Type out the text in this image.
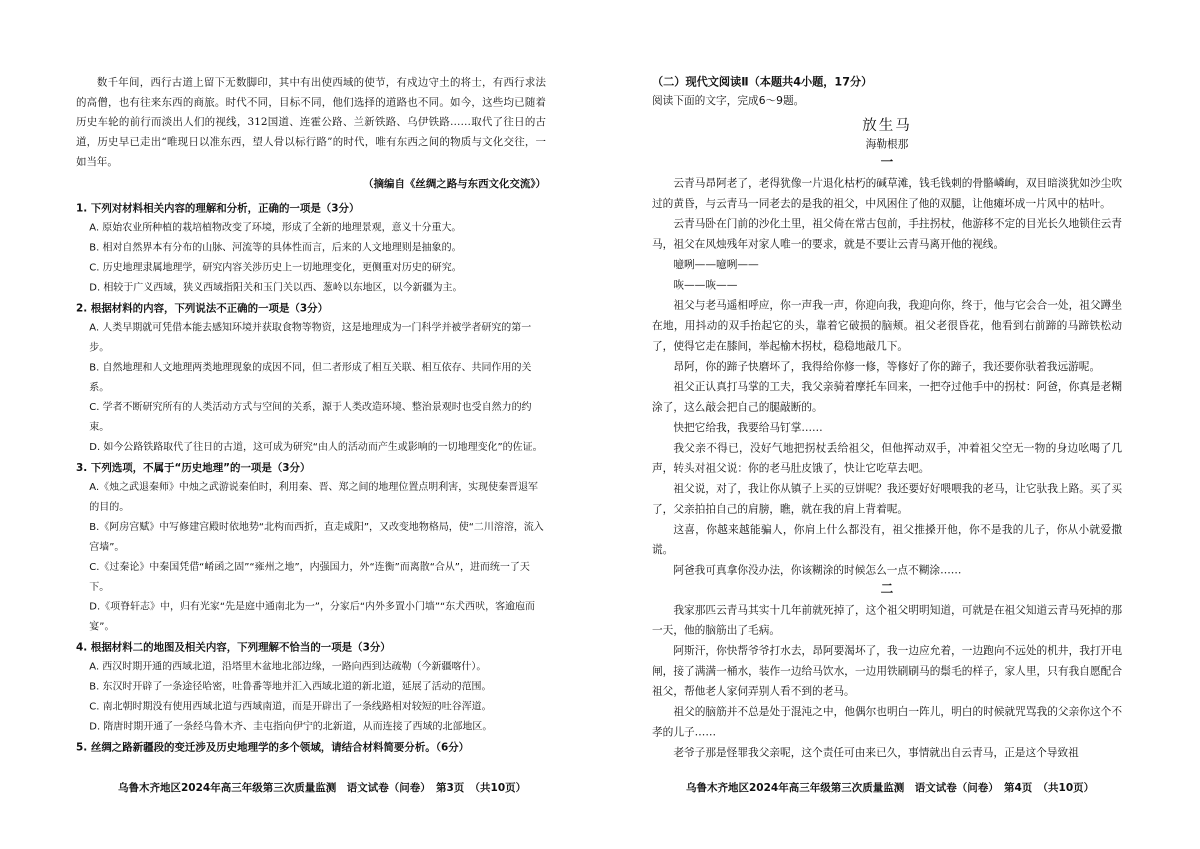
数千年间，西行古道上留下无数脚印，其中有出使西域的使节，有戍边守土的将士，有西行求法的高僧，也有往来东西的商旅。时代不同，目标不同，他们选择的道路也不同。如今，这些均已随着历史车轮的前行而淡出人们的视线，312国道、连霍公路、兰新铁路、乌伊铁路……取代了往日的古道，历史早已走出“唯现日以准东西，望人骨以标行路”的时代，唯有东西之间的物质与文化交往，一如当年。

（摘编自《丝绸之路与东西文化交流》）

1. 下列对材料相关内容的理解和分析，正确的一项是（3分）

A. 原始农业所种植的栽培植物改变了环境，形成了全新的地理景观，意义十分重大。

B. 相对自然界本有分布的山脉、河流等的具体性而言，后来的人文地理则是抽象的。

C. 历史地理隶属地理学，研究内容关涉历史上一切地理变化，更侧重对历史的研究。

D. 相较于广义西域，狭义西域指阳关和玉门关以西、葱岭以东地区，以今新疆为主。

2. 根据材料的内容，下列说法不正确的一项是（3分）

A. 人类早期就可凭借本能去感知环境并获取食物等物资，这是地理成为一门科学并被学者研究的第一步。

B. 自然地理和人文地理两类地理现象的成因不同，但二者形成了相互关联、相互依存、共同作用的关系。

C. 学者不断研究所有的人类活动方式与空间的关系，源于人类改造环境、整治景观时也受自然力的约束。

D. 如今公路铁路取代了往日的古道，这可成为研究“由人的活动而产生或影响的一切地理变化”的佐证。

3. 下列选项，不属于“历史地理”的一项是（3分）

A.《烛之武退秦师》中烛之武游说秦伯时，利用秦、晋、郑之间的地理位置点明利害，实现使秦晋退军的目的。

B.《阿房宫赋》中写修建宫殿时依地势“北构而西折，直走咸阳”，又改变地物格局，使“二川溶溶，流入宫墙”。

C.《过秦论》中秦国凭借“崤函之固”“雍州之地”，内强国力，外“连衡”而离散“合从”，进而统一了天下。

D.《项脊轩志》中，归有光家“先是庭中通南北为一”，分家后“内外多置小门墙”“东犬西吠，客逾庖而宴”。

4. 根据材料二的地图及相关内容，下列理解不恰当的一项是（3分）

A. 西汉时期开通的西域北道，沿塔里木盆地北部边缘，一路向西到达疏勒（今新疆喀什）。

B. 东汉时开辟了一条途径哈密，吐鲁番等地并汇入西域北道的新北道，延展了活动的范围。

C. 南北朝时期没有使用西域北道与西域南道，而是开辟出了一条线路相对较短的吐谷浑道。

D. 隋唐时期开通了一条经乌鲁木齐、圭屯指向伊宁的北新道，从而连接了西域的北部地区。

5. 丝绸之路新疆段的变迁涉及历史地理学的多个领域，请结合材料简要分析。（6分）

乌鲁木齐地区2024年高三年级第三次质量监测　语文试卷（问卷）　第3页　（共10页）

（二）现代文阅读Ⅱ（本题共4小题，17分）

阅读下面的文字，完成6～9题。

放生马

海勒根那

一

云青马昂阿老了，老得犹像一片退化枯朽的碱草滩，钱毛钱刺的骨骼嶙峋，双目暗淡犹如沙尘吹过的黄昏，与云青马一同老去的是我的祖父，中风困住了他的双腿，让他瘫坏成一片风中的枯叶。

云青马卧在门前的沙化土里，祖父倚在常古包前，手拄拐杖，他游移不定的目光长久地锁住云青马，祖父在风烛残年对家人唯一的要求，就是不要让云青马离开他的视线。

噫咧——噫咧——

咴——咴——

祖父与老马遥相呼应，你一声我一声，你迎向我，我迎向你，终于，他与它会合一处，祖父蹲坐在地，用抖动的双手抬起它的头，靠着它破损的脑颊。祖父老很昏花，他看到右前蹄的马蹄铁松动了，使得它走在膝间，举起榆木拐杖，稳稳地敲几下。

昂阿，你的蹄子快磨坏了，我得给你修一修，等修好了你的蹄子，我还要你驮着我远游呢。

祖父正认真打马掌的工夫，我父亲骑着摩托车回来，一把夺过他手中的拐杖：阿爸，你真是老糊涂了，这么敲会把自己的腿敲断的。

快把它给我，我要给马钉掌……

我父亲不得已，没好气地把拐杖丢给祖父，但他挥动双手，冲着祖父空无一物的身边吆喝了几声，转头对祖父说：你的老马肚皮饿了，快让它吃草去吧。

祖父说，对了，我让你从镇子上买的豆饼呢？我还要好好喂喂我的老马，让它驮我上路。买了买了，父亲拍拍自己的肩膀，瞧，就在我的肩上背着呢。

这喜，你越来越能骗人，你肩上什么都没有，祖父推搡开他，你不是我的儿子，你从小就爱撒谎。

阿爸我可真拿你没办法，你该糊涂的时候怎么一点不糊涂……

二

我家那匹云青马其实十几年前就死掉了，这个祖父明明知道，可就是在祖父知道云青马死掉的那一天，他的脑筋出了毛病。

阿斯汗，你快帮爷爷打水去，昂阿要渴坏了，我一边应允着，一边跑向不远处的机井，我打开电闸，接了满满一桶水，装作一边给马饮水，一边用铁刷刷马的鬃毛的样子，家人里，只有我自愿配合祖父，帮他老人家伺弄别人看不到的老马。

祖父的脑筋并不总是处于混沌之中，他偶尔也明白一阵儿，明白的时候就咒骂我的父亲你这个不孝的儿子……

老爷子那是怪罪我父亲呢，这个责任可由来已久，事情就出自云青马，正是这个导致祖

乌鲁木齐地区2024年高三年级第三次质量监测　语文试卷（问卷）　第4页　（共10页）
